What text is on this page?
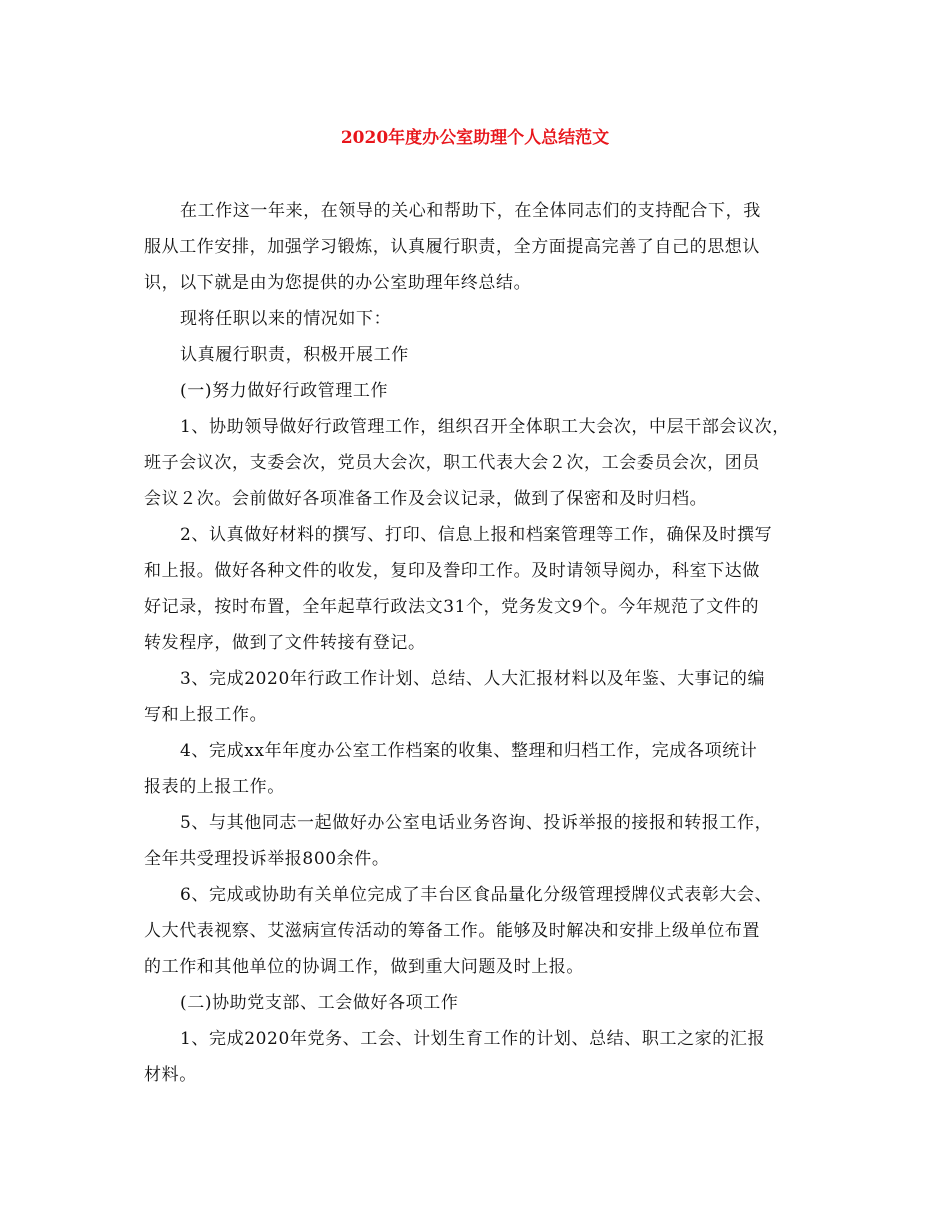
2020年度办公室助理个人总结范文
在工作这一年来，在领导的关心和帮助下，在全体同志们的支持配合下，我
服从工作安排，加强学习锻炼，认真履行职责，全方面提高完善了自己的思想认
识，以下就是由为您提供的办公室助理年终总结。
现将任职以来的情况如下：
认真履行职责，积极开展工作
(一)努力做好行政管理工作
1、协助领导做好行政管理工作，组织召开全体职工大会次，中层干部会议次，
班子会议次，支委会次，党员大会次，职工代表大会２次，工会委员会次，团员
会议２次。会前做好各项准备工作及会议记录，做到了保密和及时归档。
2、认真做好材料的撰写、打印、信息上报和档案管理等工作，确保及时撰写
和上报。做好各种文件的收发，复印及誊印工作。及时请领导阅办，科室下达做
好记录，按时布置，全年起草行政法文31个，党务发文9个。今年规范了文件的
转发程序，做到了文件转接有登记。
3、完成2020年行政工作计划、总结、人大汇报材料以及年鉴、大事记的编
写和上报工作。
4、完成xx年年度办公室工作档案的收集、整理和归档工作，完成各项统计
报表的上报工作。
5、与其他同志一起做好办公室电话业务咨询、投诉举报的接报和转报工作，
全年共受理投诉举报800余件。
6、完成或协助有关单位完成了丰台区食品量化分级管理授牌仪式表彰大会、
人大代表视察、艾滋病宣传活动的筹备工作。能够及时解决和安排上级单位布置
的工作和其他单位的协调工作，做到重大问题及时上报。
(二)协助党支部、工会做好各项工作
1、完成2020年党务、工会、计划生育工作的计划、总结、职工之家的汇报
材料。
